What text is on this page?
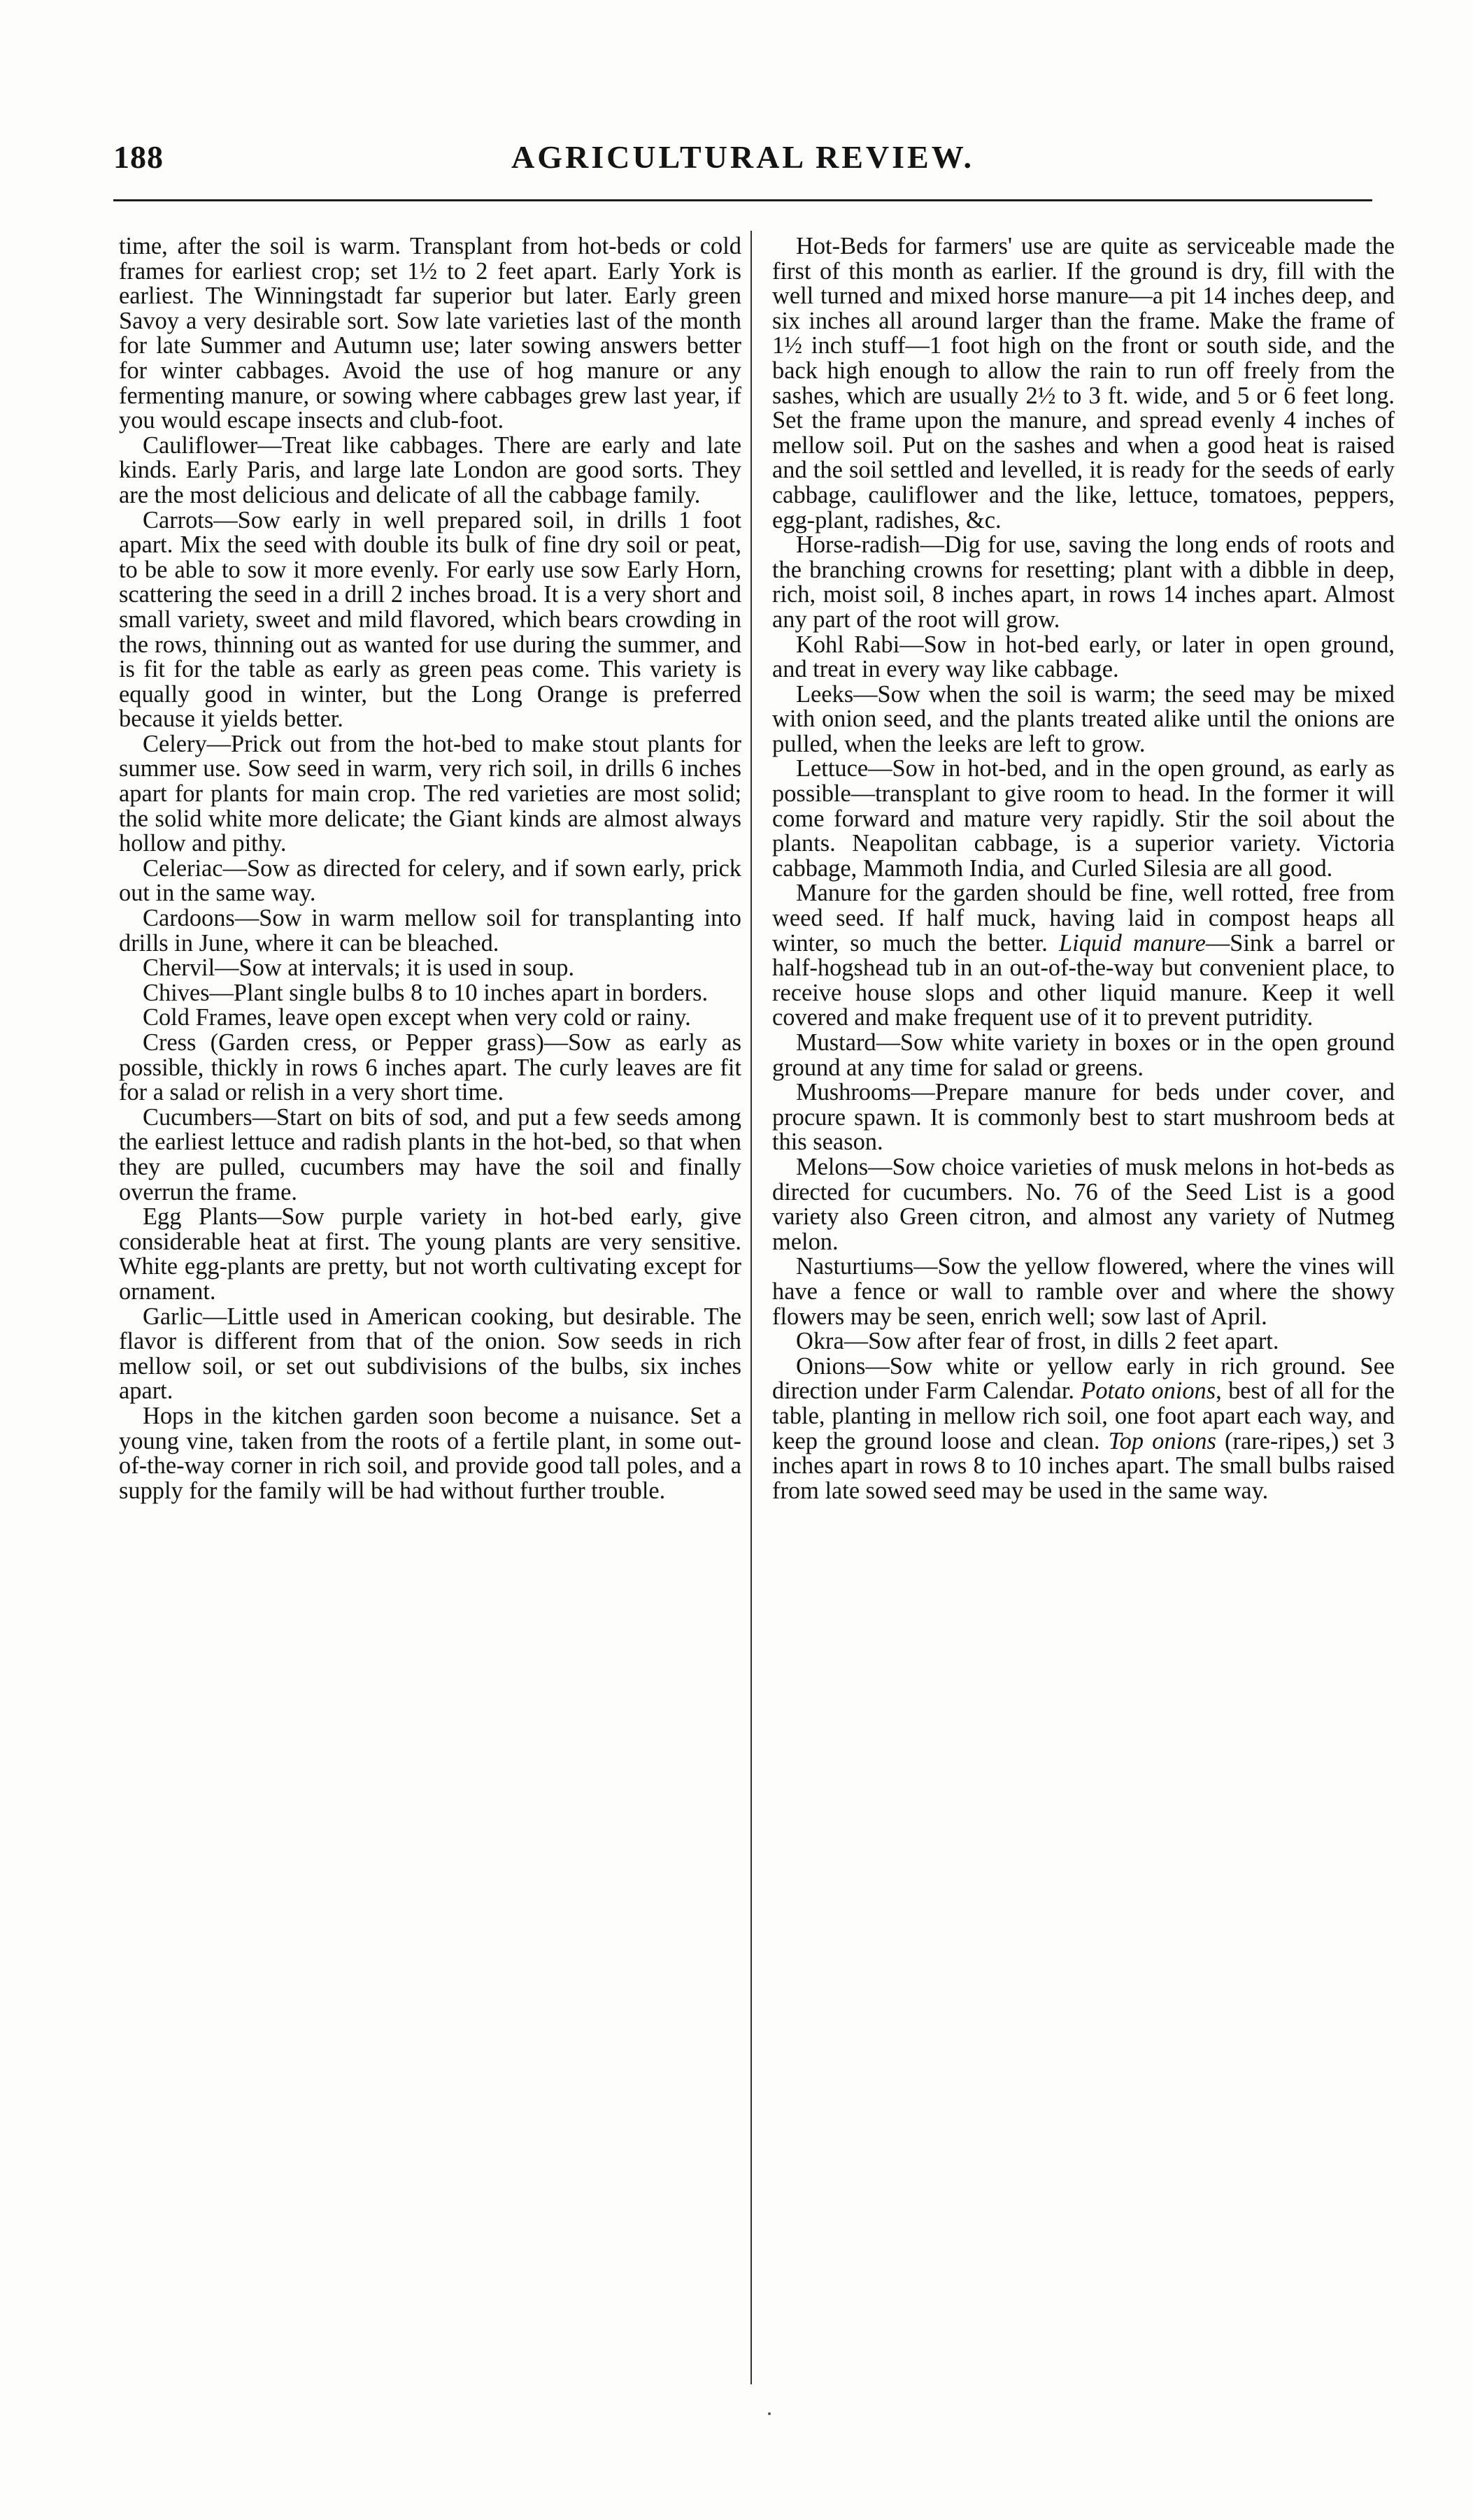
AGRICULTURAL REVIEW.
188

time, after the soil is warm. Transplant from hot-beds or cold frames for earliest crop; set 1½ to 2 feet apart. Early York is earliest. The Winningstadt far superior but later. Early green Savoy a very desirable sort. Sow late varieties last of the month for late Summer and Autumn use; later sowing answers better for winter cabbages. Avoid the use of hog manure or any fermenting manure, or sowing where cabbages grew last year, if you would escape insects and club-foot.

Cauliflower—Treat like cabbages. There are early and late kinds. Early Paris, and large late London are good sorts. They are the most delicious and delicate of all the cabbage family.

Carrots—Sow early in well prepared soil, in drills 1 foot apart. Mix the seed with double its bulk of fine dry soil or peat, to be able to sow it more evenly. For early use sow Early Horn, scattering the seed in a drill 2 inches broad. It is a very short and small variety, sweet and mild flavored, which bears crowding in the rows, thinning out as wanted for use during the summer, and is fit for the table as early as green peas come. This variety is equally good in winter, but the Long Orange is preferred because it yields better.

Celery—Prick out from the hot-bed to make stout plants for summer use. Sow seed in warm, very rich soil, in drills 6 inches apart for plants for main crop. The red varieties are most solid; the solid white more delicate; the Giant kinds are almost always hollow and pithy.

Celeriac—Sow as directed for celery, and if sown early, prick out in the same way.

Cardoons—Sow in warm mellow soil for transplanting into drills in June, where it can be bleached.

Chervil—Sow at intervals; it is used in soup.

Chives—Plant single bulbs 8 to 10 inches apart in borders.

Cold Frames, leave open except when very cold or rainy.

Cress (Garden cress, or Pepper grass)—Sow as early as possible, thickly in rows 6 inches apart. The curly leaves are fit for a salad or relish in a very short time.

Cucumbers—Start on bits of sod, and put a few seeds among the earliest lettuce and radish plants in the hot-bed, so that when they are pulled, cucumbers may have the soil and finally overrun the frame.

Egg Plants—Sow purple variety in hot-bed early, give considerable heat at first. The young plants are very sensitive. White egg-plants are pretty, but not worth cultivating except for ornament.

Garlic—Little used in American cooking, but desirable. The flavor is different from that of the onion. Sow seeds in rich mellow soil, or set out subdivisions of the bulbs, six inches apart.

Hops in the kitchen garden soon become a nuisance. Set a young vine, taken from the roots of a fertile plant, in some out-of-the-way corner in rich soil, and provide good tall poles, and a supply for the family will be had without further trouble.

Hot-Beds for farmers' use are quite as serviceable made the first of this month as earlier. If the ground is dry, fill with the well turned and mixed horse manure—a pit 14 inches deep, and six inches all around larger than the frame. Make the frame of 1½ inch stuff—1 foot high on the front or south side, and the back high enough to allow the rain to run off freely from the sashes, which are usually 2½ to 3 ft. wide, and 5 or 6 feet long. Set the frame upon the manure, and spread evenly 4 inches of mellow soil. Put on the sashes and when a good heat is raised and the soil settled and levelled, it is ready for the seeds of early cabbage, cauliflower and the like, lettuce, tomatoes, peppers, egg-plant, radishes, &c.

Horse-radish—Dig for use, saving the long ends of roots and the branching crowns for resetting; plant with a dibble in deep, rich, moist soil, 8 inches apart, in rows 14 inches apart. Almost any part of the root will grow.

Kohl Rabi—Sow in hot-bed early, or later in open ground, and treat in every way like cabbage.

Leeks—Sow when the soil is warm; the seed may be mixed with onion seed, and the plants treated alike until the onions are pulled, when the leeks are left to grow.

Lettuce—Sow in hot-bed, and in the open ground, as early as possible—transplant to give room to head. In the former it will come forward and mature very rapidly. Stir the soil about the plants. Neapolitan cabbage, is a superior variety. Victoria cabbage, Mammoth India, and Curled Silesia are all good.

Manure for the garden should be fine, well rotted, free from weed seed. If half muck, having laid in compost heaps all winter, so much the better. Liquid manure—Sink a barrel or half-hogshead tub in an out-of-the-way but convenient place, to receive house slops and other liquid manure. Keep it well covered and make frequent use of it to prevent putridity.

Mustard—Sow white variety in boxes or in the open ground ground at any time for salad or greens.

Mushrooms—Prepare manure for beds under cover, and procure spawn. It is commonly best to start mushroom beds at this season.

Melons—Sow choice varieties of musk melons in hot-beds as directed for cucumbers. No. 76 of the Seed List is a good variety also Green citron, and almost any variety of Nutmeg melon.

Nasturtiums—Sow the yellow flowered, where the vines will have a fence or wall to ramble over and where the showy flowers may be seen, enrich well; sow last of April.

Okra—Sow after fear of frost, in dills 2 feet apart.

Onions—Sow white or yellow early in rich ground. See direction under Farm Calendar. Potato onions, best of all for the table, planting in mellow rich soil, one foot apart each way, and keep the ground loose and clean. Top onions (rare-ripes,) set 3 inches apart in rows 8 to 10 inches apart. The small bulbs raised from late sowed seed may be used in the same way.
